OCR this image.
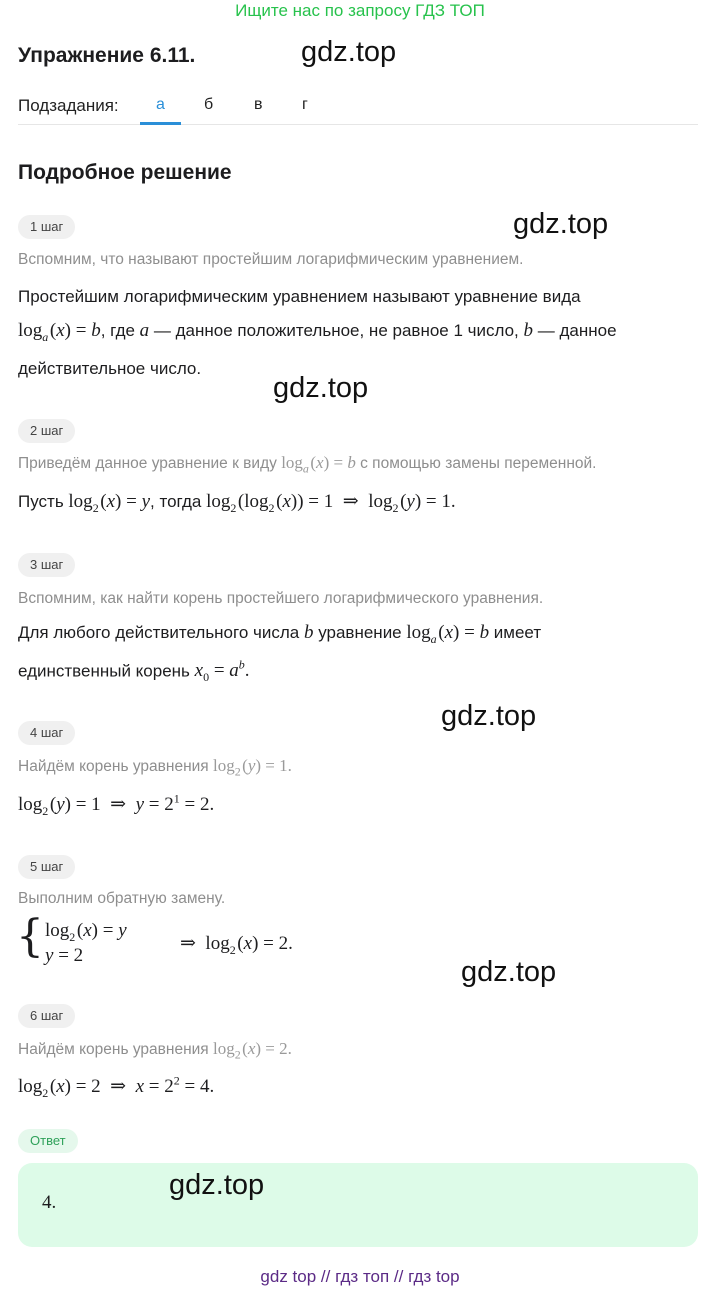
Ищите нас по запросу ГДЗ ТОП
Упражнение 6.11.	gdz.top
Подзадания: а б	в г
Подробное решение
1 шаг	gdz.top
Вспомним, что называют простейшим логарифмическим уравнением.
Простейшим логарифмическим уравнением называют уравнение вида
$\log_a$ (x) = b, где a — данное положительное, не равное 1 число, b — данное
действительное число.
gdz.top
2 шаг
Приведём данное уравнение к виду $\log_a$ (x) = b с помощью замены переменной.
Пусть $\log_2$ (x) = y, тогда $\log_2$ ($\log_2$ (x)) = 1  ⇒  $\log_2$ (y) = 1.
3 шаг
Вспомним, как найти корень простейшего логарифмического уравнения.
Для любого действительного числа b уравнение $\log_a$ (x) = b имеет
единственный корень $x_0 = a^b$.
gdz.top
4 шаг
Найдём корень уравнения $\log_2$ (y) = 1.
$\log_2$ (y) = 1  ⇒  $y = 2^1 = 2$.
5 шаг
Выполним обратную замену.
{ $\log_2$ (x) = y
y = 2
⇒  $\log_2$ (x) = 2.
gdz.top
6 шаг
Найдём корень уравнения $\log_2$ (x) = 2.
$\log_2$ (x) = 2  ⇒  $x = 2^2 = 4$.
Ответ
gdz.top
4.
gdz top // гдз топ // гдз top
